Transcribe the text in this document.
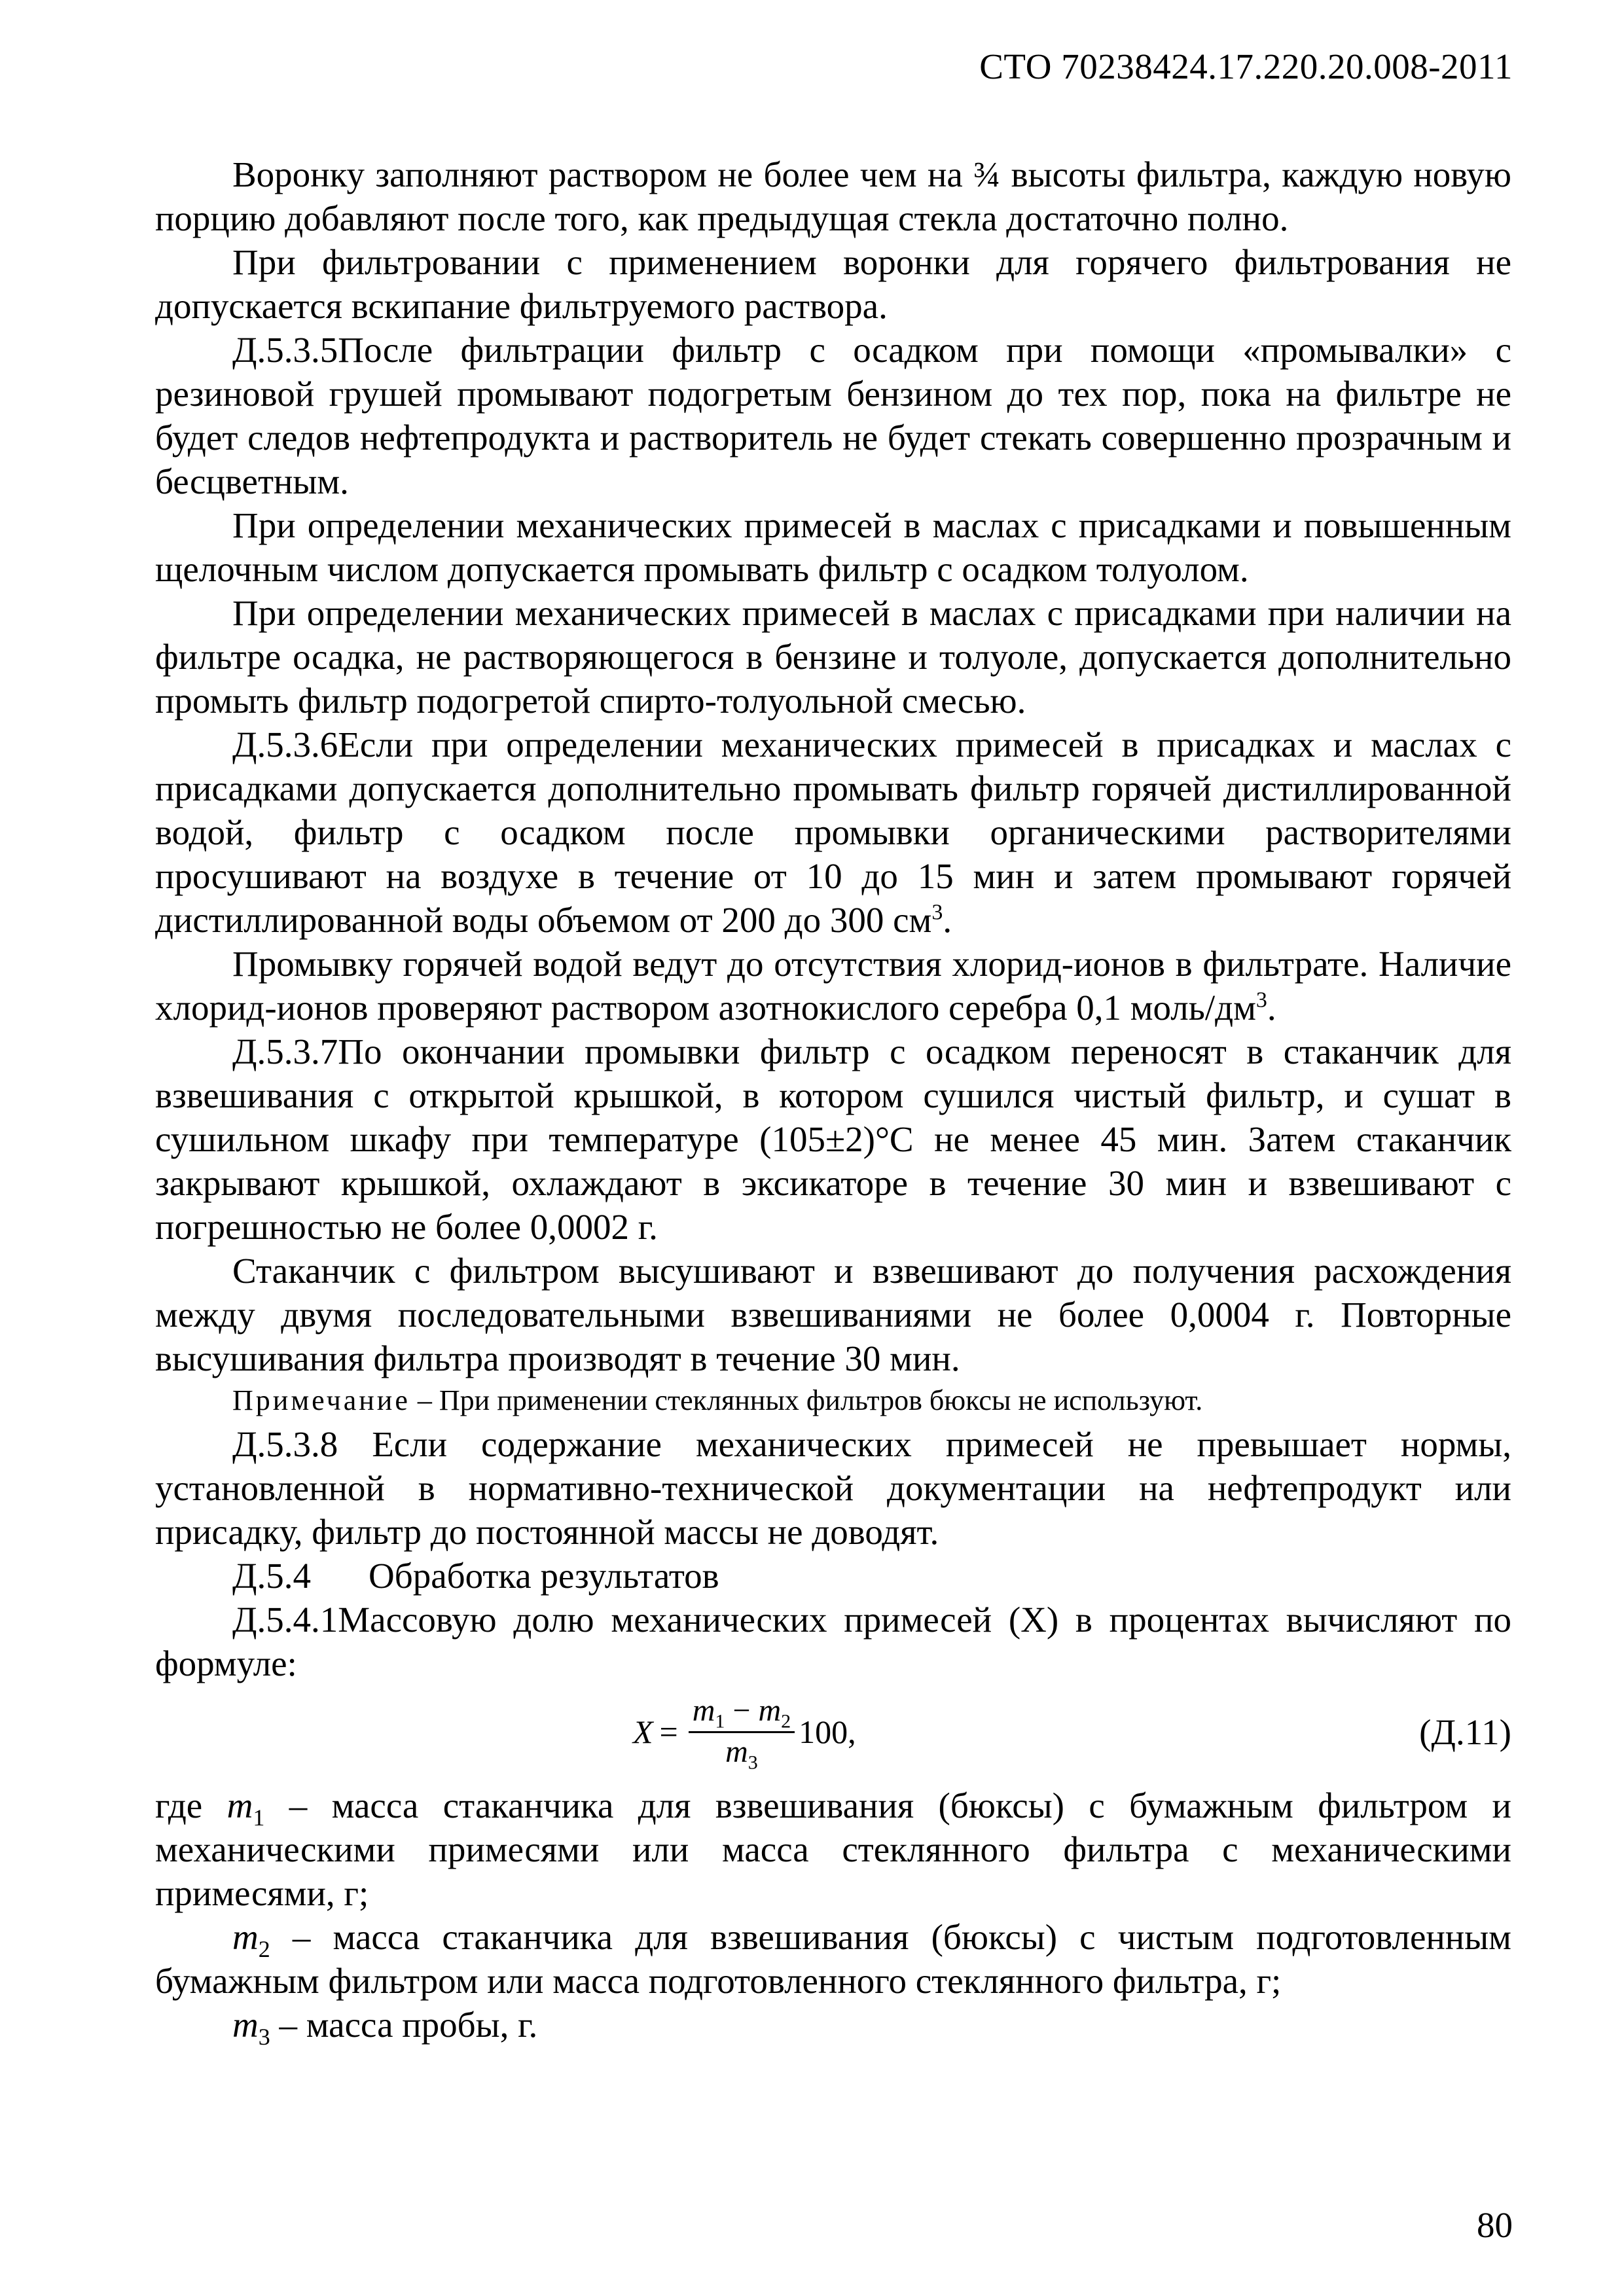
СТО 70238424.17.220.20.008-2011

Воронку заполняют раствором не более чем на ¾ высоты фильтра, каждую новую порцию добавляют после того, как предыдущая стекла достаточно полно.

При фильтровании с применением воронки для горячего фильтрования не допускается вскипание фильтруемого раствора.

Д.5.3.5После фильтрации фильтр с осадком при помощи «промывалки» с резиновой грушей промывают подогретым бензином до тех пор, пока на фильтре не будет следов нефтепродукта и растворитель не будет стекать совершенно прозрачным и бесцветным.

При определении механических примесей в маслах с присадками и повышенным щелочным числом допускается промывать фильтр с осадком толуолом.

При определении механических примесей в маслах с присадками при наличии на фильтре осадка, не растворяющегося в бензине и толуоле, допускается дополнительно промыть фильтр подогретой спирто-толуольной смесью.

Д.5.3.6Если при определении механических примесей в присадках и маслах с присадками допускается дополнительно промывать фильтр горячей дистиллированной водой, фильтр с осадком после промывки органическими растворителями просушивают на воздухе в течение от 10 до 15 мин и затем промывают горячей дистиллированной воды объемом от 200 до 300 $см^3$.

Промывку горячей водой ведут до отсутствия хлорид-ионов в фильтрате. Наличие хлорид-ионов проверяют раствором азотнокислого серебра 0,1 моль/$дм^3$.

Д.5.3.7По окончании промывки фильтр с осадком переносят в стаканчик для взвешивания с открытой крышкой, в котором сушился чистый фильтр, и сушат в сушильном шкафу при температуре (105±2)°С не менее 45 мин. Затем стаканчик закрывают крышкой, охлаждают в эксикаторе в течение 30 мин и взвешивают с погрешностью не более 0,0002 г.

Стаканчик с фильтром высушивают и взвешивают до получения расхождения между двумя последовательными взвешиваниями не более 0,0004 г. Повторные высушивания фильтра производят в течение 30 мин.

Примечание – При применении стеклянных фильтров бюксы не используют.

Д.5.3.8 Если содержание механических примесей не превышает нормы, установленной в нормативно-технической документации на нефтепродукт или присадку, фильтр до постоянной массы не доводят.

Д.5.4 Обработка результатов

Д.5.4.1Массовую долю механических примесей (X) в процентах вычисляют по формуле:

$X = \frac{m_1 - m_2}{m_3} 100$,	(Д.11)

где $m_1$ – масса стаканчика для взвешивания (бюксы) с бумажным фильтром и механическими примесями или масса стеклянного фильтра с механическими примесями, г;

$m_2$ – масса стаканчика для взвешивания (бюксы) с чистым подготовленным бумажным фильтром или масса подготовленного стеклянного фильтра, г;

$m_3$ – масса пробы, г.

80
